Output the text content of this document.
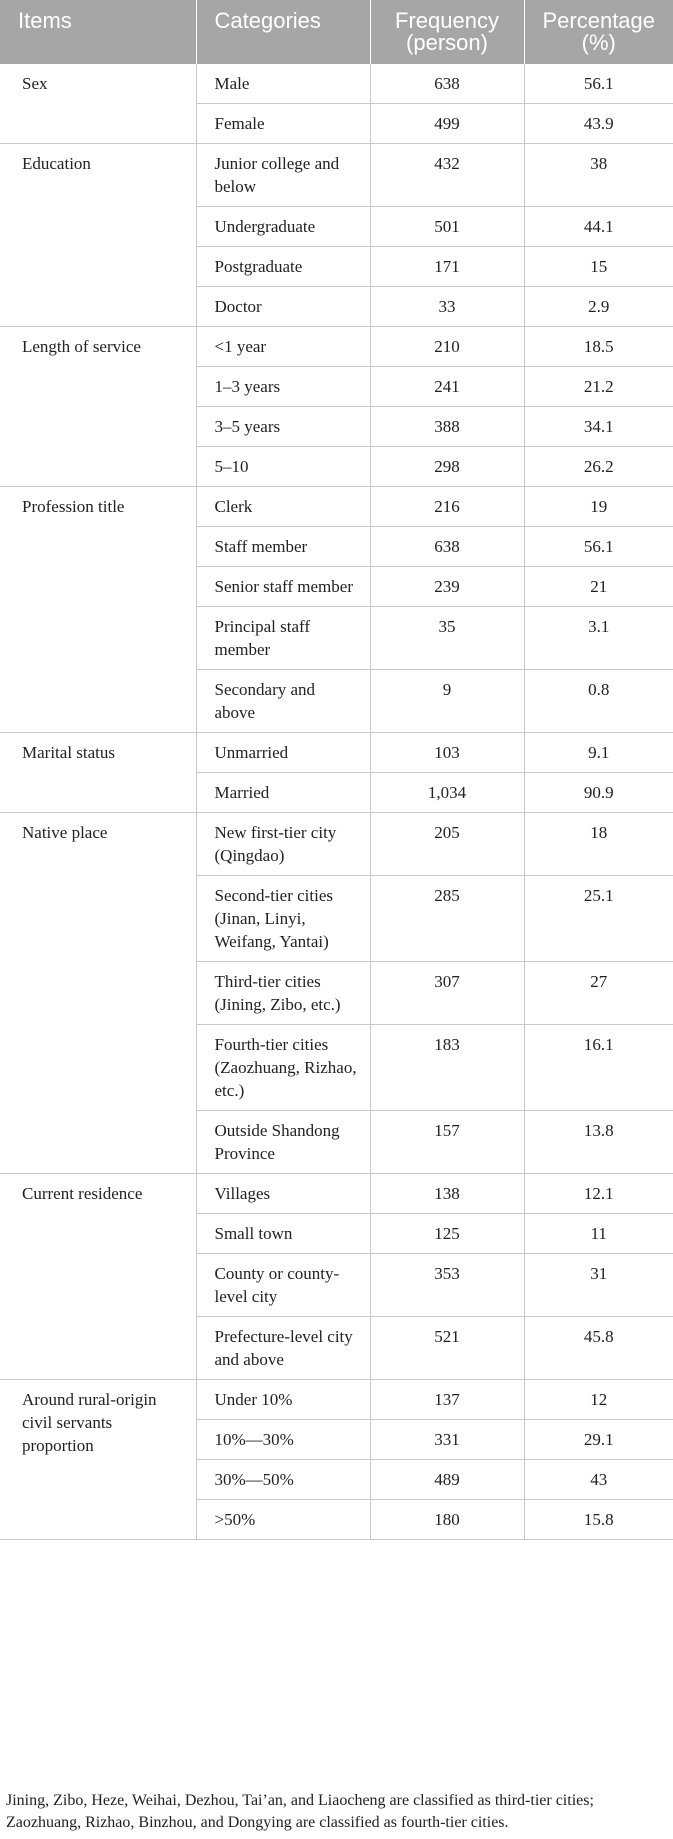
Items	Categories	Frequency (person)	Percentage (%)
Sex	Male	638	56.1
	Female	499	43.9
Education	Junior college and below	432	38
	Undergraduate	501	44.1
	Postgraduate	171	15
	Doctor	33	2.9
Length of service	<1 year	210	18.5
	1–3 years	241	21.2
	3–5 years	388	34.1
	5–10	298	26.2
Profession title	Clerk	216	19
	Staff member	638	56.1
	Senior staff member	239	21
	Principal staff member	35	3.1
	Secondary and above	9	0.8
Marital status	Unmarried	103	9.1
	Married	1,034	90.9
Native place	New first-tier city (Qingdao)	205	18
	Second-tier cities (Jinan, Linyi, Weifang, Yantai)	285	25.1
	Third-tier cities (Jining, Zibo, etc.)	307	27
	Fourth-tier cities (Zaozhuang, Rizhao, etc.)	183	16.1
	Outside Shandong Province	157	13.8
Current residence	Villages	138	12.1
	Small town	125	11
	County or county-level city	353	31
	Prefecture-level city and above	521	45.8
Around rural-origin civil servants proportion	Under 10%	137	12
	10%—30%	331	29.1
	30%—50%	489	43
	>50%	180	15.8
Jining, Zibo, Heze, Weihai, Dezhou, Tai’an, and Liaocheng are classified as third-tier cities; Zaozhuang, Rizhao, Binzhou, and Dongying are classified as fourth-tier cities.
